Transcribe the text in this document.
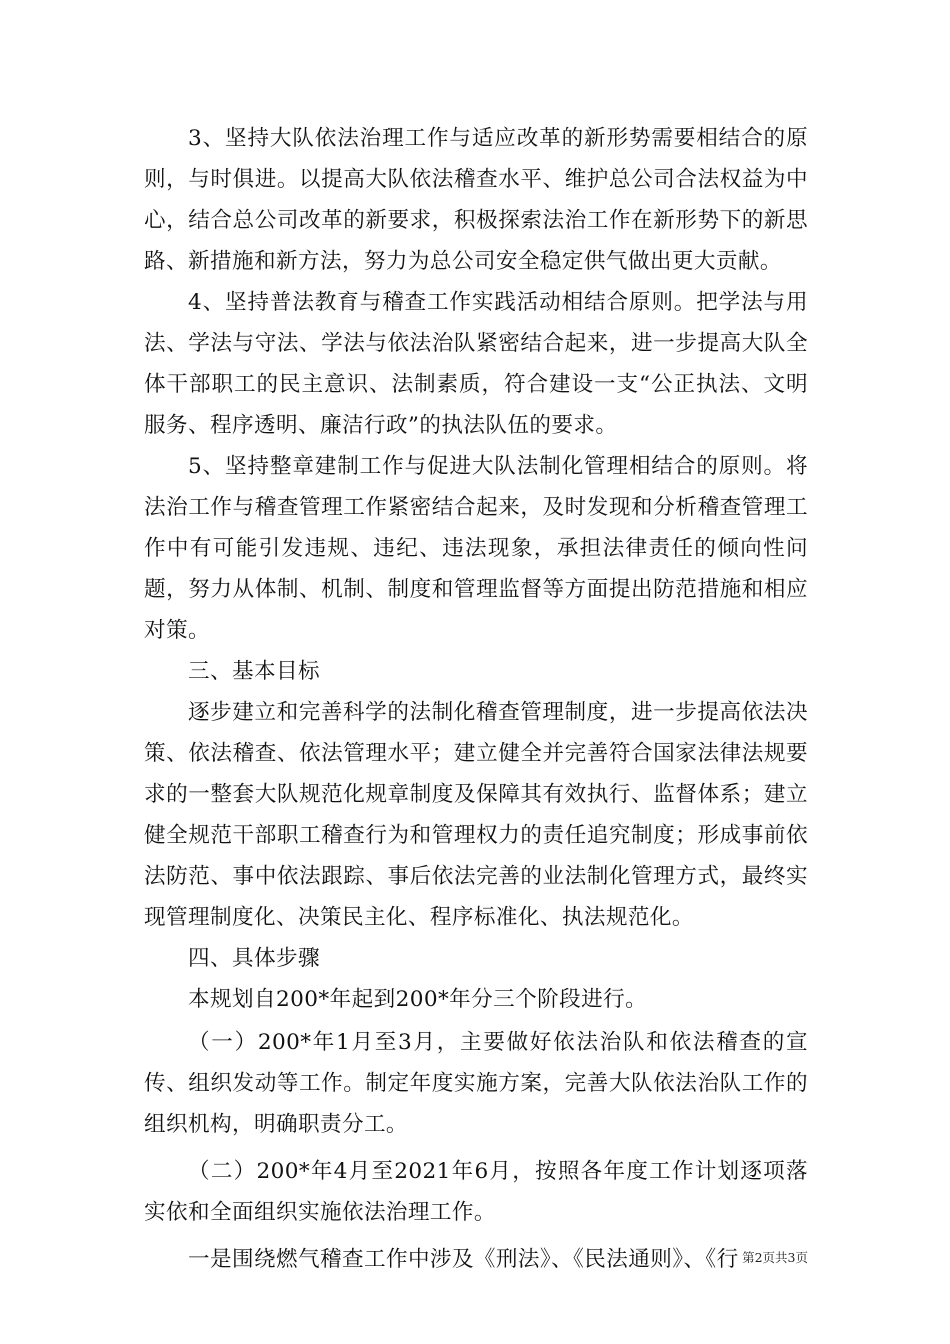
3、坚持大队依法治理工作与适应改革的新形势需要相结合的原则，与时俱进。以提高大队依法稽查水平、维护总公司合法权益为中心，结合总公司改革的新要求，积极探索法治工作在新形势下的新思路、新措施和新方法，努力为总公司安全稳定供气做出更大贡献。

4、坚持普法教育与稽查工作实践活动相结合原则。把学法与用法、学法与守法、学法与依法治队紧密结合起来，进一步提高大队全体干部职工的民主意识、法制素质，符合建设一支“公正执法、文明服务、程序透明、廉洁行政”的执法队伍的要求。

5、坚持整章建制工作与促进大队法制化管理相结合的原则。将法治工作与稽查管理工作紧密结合起来，及时发现和分析稽查管理工作中有可能引发违规、违纪、违法现象，承担法律责任的倾向性问题，努力从体制、机制、制度和管理监督等方面提出防范措施和相应对策。

三、基本目标

逐步建立和完善科学的法制化稽查管理制度，进一步提高依法决策、依法稽查、依法管理水平；建立健全并完善符合国家法律法规要求的一整套大队规范化规章制度及保障其有效执行、监督体系；建立健全规范干部职工稽查行为和管理权力的责任追究制度；形成事前依法防范、事中依法跟踪、事后依法完善的业法制化管理方式，最终实现管理制度化、决策民主化、程序标准化、执法规范化。

四、具体步骤

本规划自200*年起到200*年分三个阶段进行。

（一）200*年1月至3月，主要做好依法治队和依法稽查的宣传、组织发动等工作。制定年度实施方案，完善大队依法治队工作的组织机构，明确职责分工。

（二）200*年4月至2021年6月，按照各年度工作计划逐项落实依和全面组织实施依法治理工作。

一是围绕燃气稽查工作中涉及《刑法》、《民法通则》、《行 第2页共3页
